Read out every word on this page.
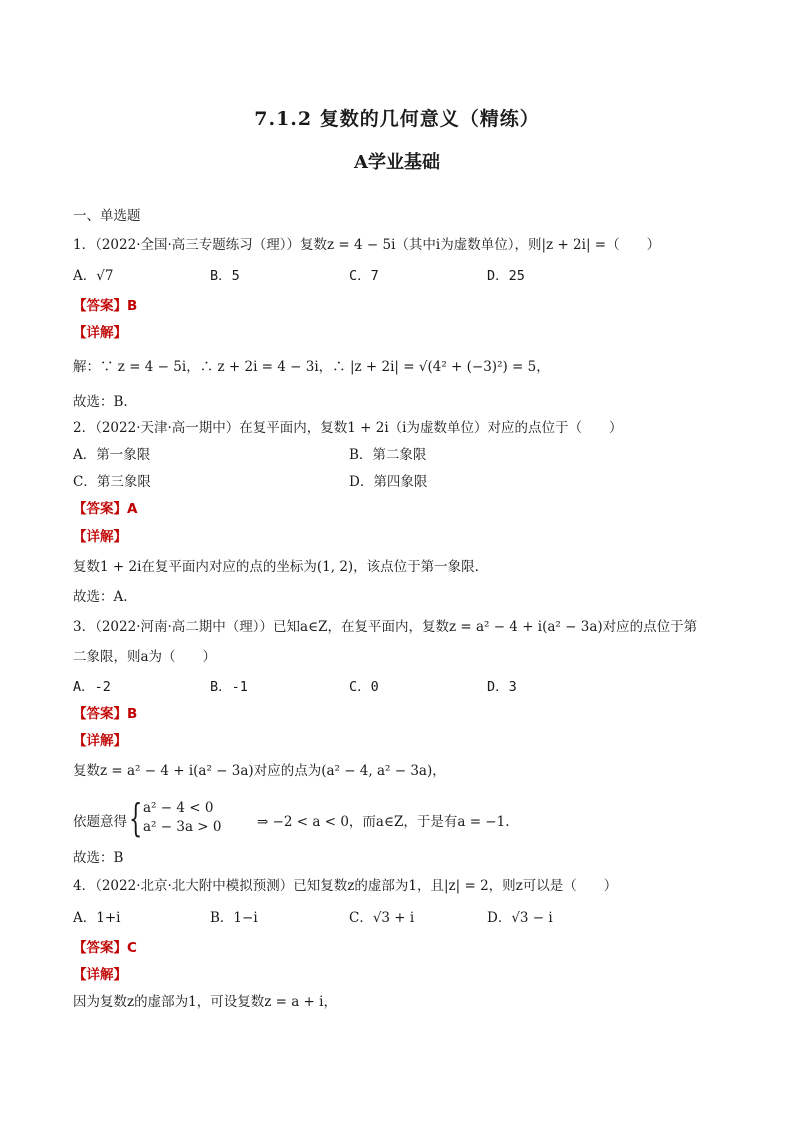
7.1.2 复数的几何意义（精练）
A学业基础
一、单选题
1．（2022·全国·高三专题练习（理））复数z = 4 − 5i（其中i为虚数单位），则|z + 2i| =（　　）
A．√7	B．5	C．7	D．25
【答案】B
【详解】
解：∵ z = 4 − 5i，∴ z + 2i = 4 − 3i，∴ |z + 2i| = √(4² + (−3)²) = 5，
故选：B.
2．（2022·天津·高一期中）在复平面内，复数1 + 2i（i为虚数单位）对应的点位于（　　）
A．第一象限	B．第二象限
C．第三象限	D．第四象限
【答案】A
【详解】
复数1 + 2i在复平面内对应的点的坐标为(1, 2)，该点位于第一象限.
故选：A.
3．（2022·河南·高二期中（理））已知a∈Z，在复平面内，复数z = a² − 4 + i(a² − 3a)对应的点位于第
二象限，则a为（　　）
A．-2	B．-1	C．0	D．3
【答案】B
【详解】
复数z = a² − 4 + i(a² − 3a)对应的点为(a² − 4, a² − 3a)，
依题意得 { a² − 4 < 0
a² − 3a > 0	⇒ −2 < a < 0，而a∈Z，于是有a = −1.
故选：B
4．（2022·北京·北大附中模拟预测）已知复数z的虚部为1，且|z| = 2，则z可以是（　　）
A．1+i	B．1−i	C．√3 + i	D．√3 − i
【答案】C
【详解】
因为复数z的虚部为1，可设复数z = a + i，
